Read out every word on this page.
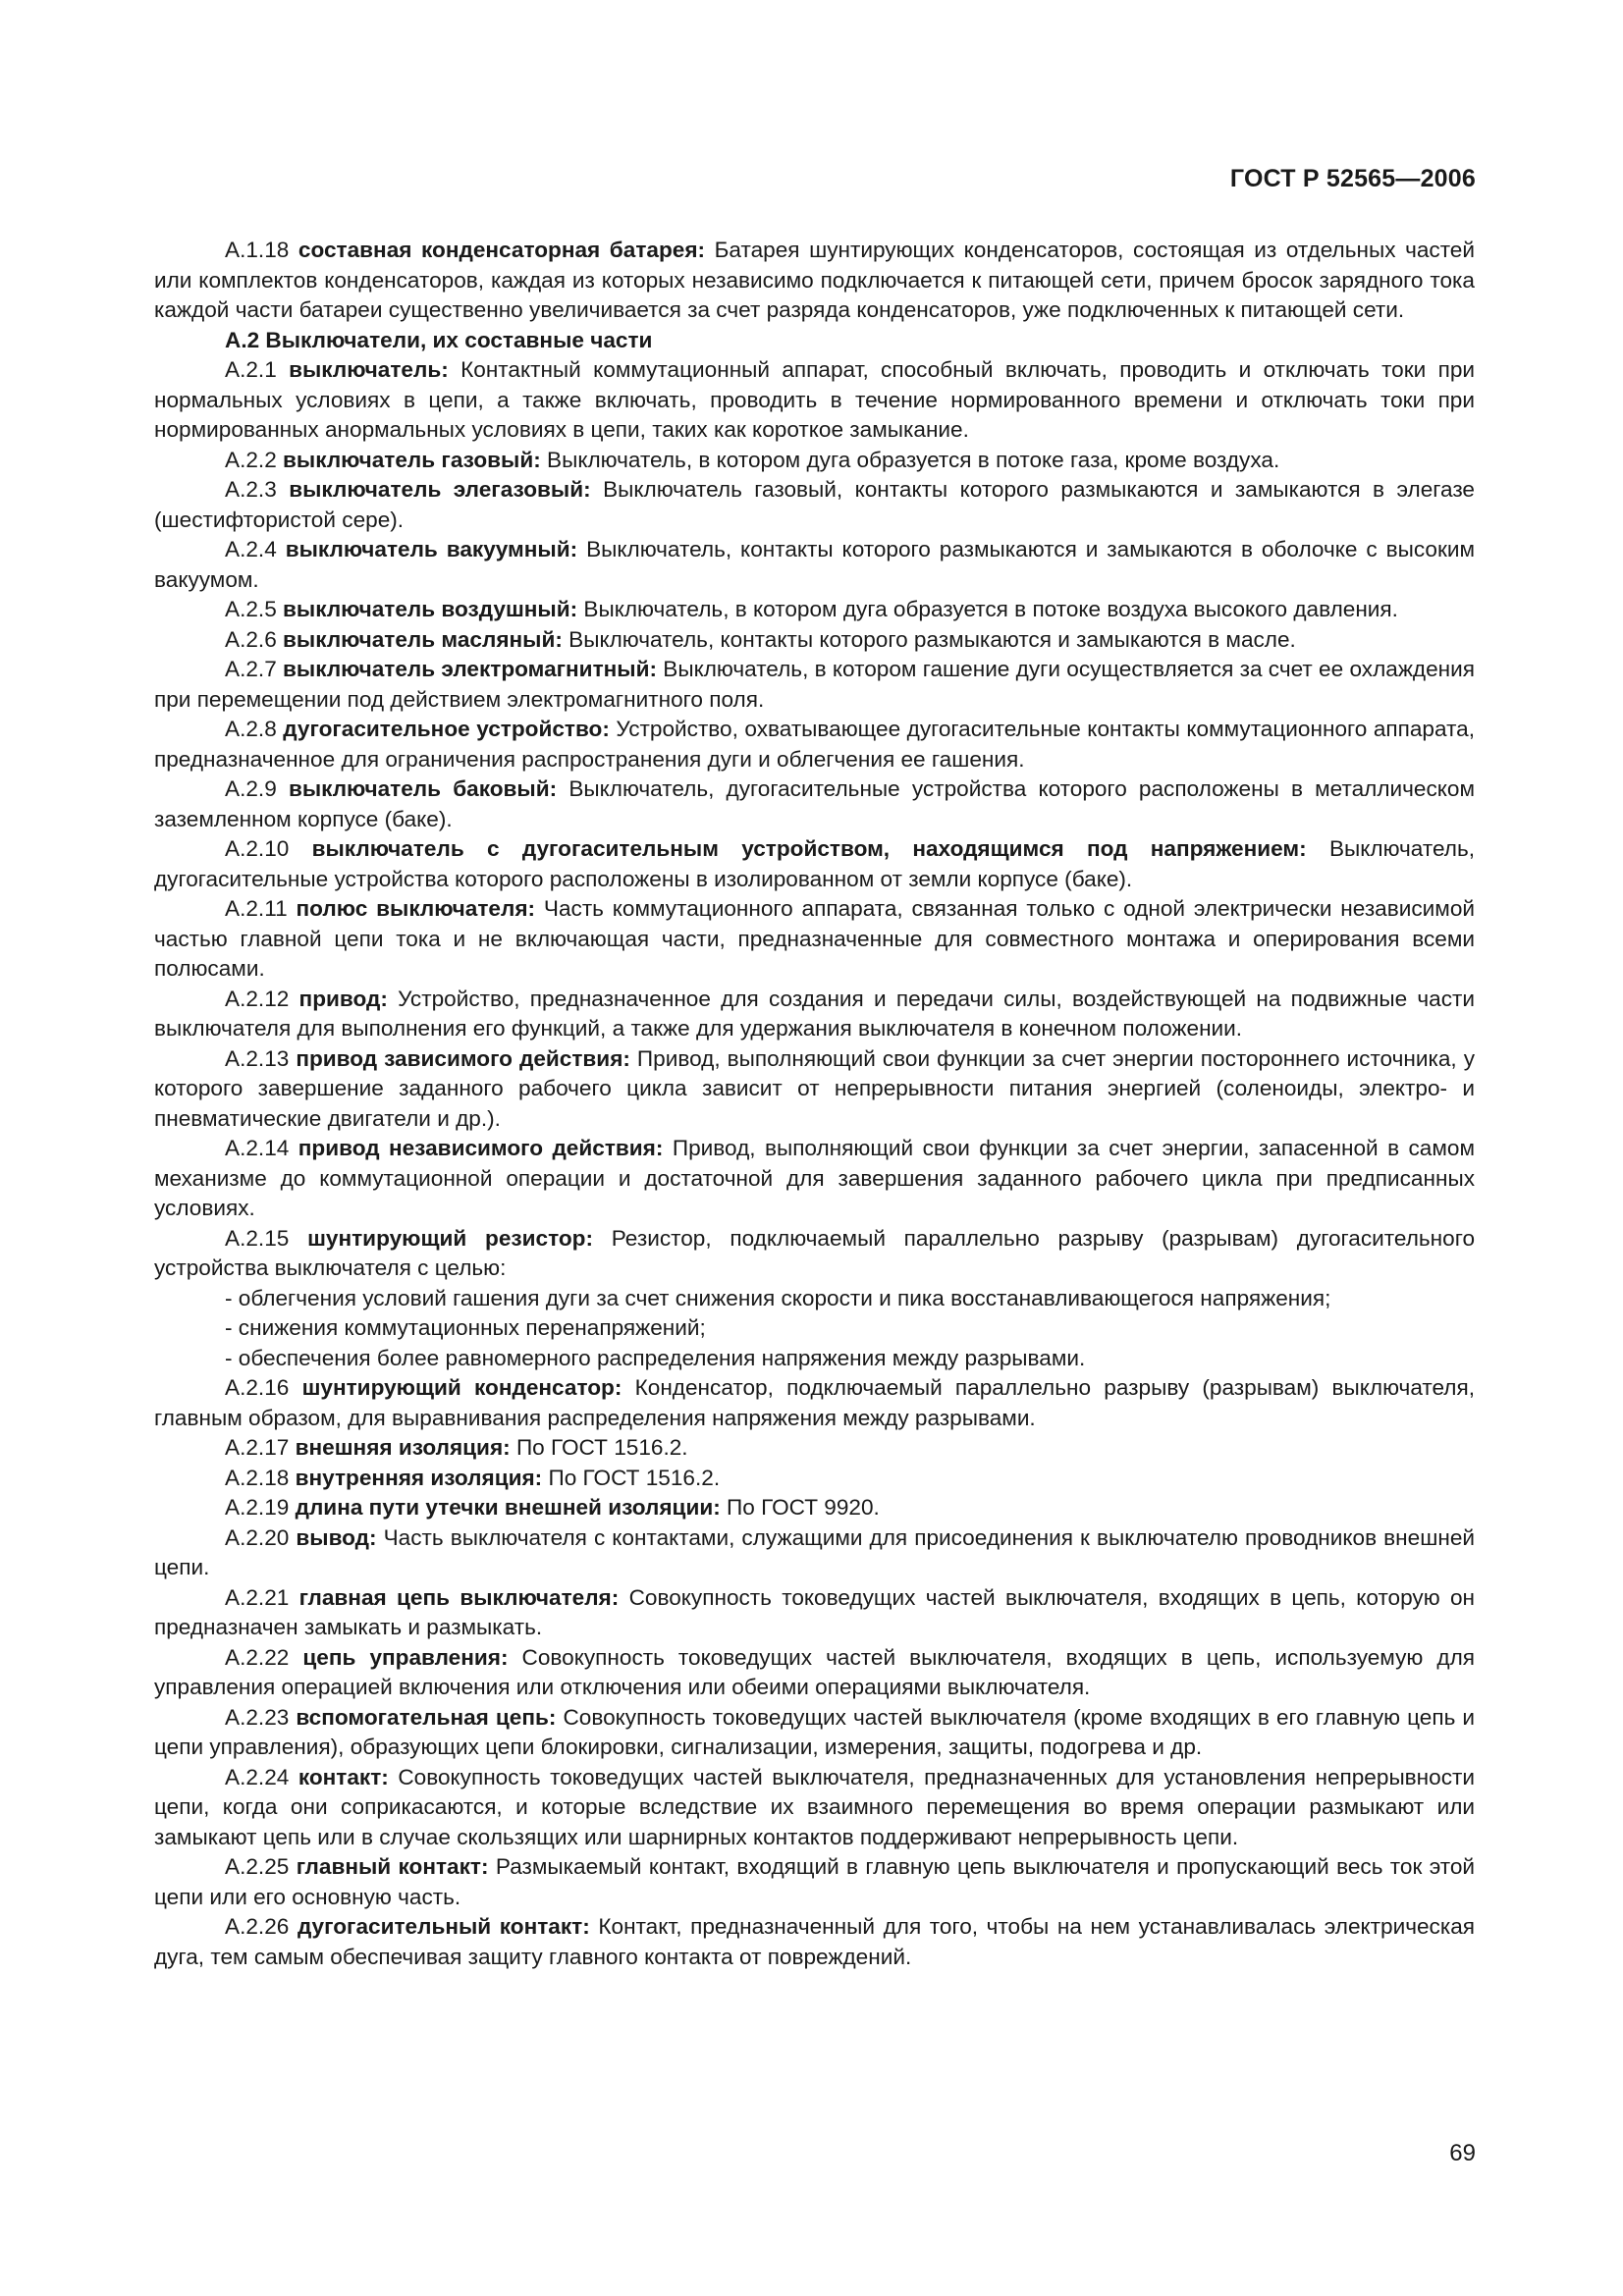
ГОСТ Р 52565—2006

А.1.18 составная конденсаторная батарея: Батарея шунтирующих конденсаторов, состоящая из отдельных частей или комплектов конденсаторов, каждая из которых независимо подключается к питающей сети, причем бросок зарядного тока каждой части батареи существенно увеличивается за счет разряда конденсаторов, уже подключенных к питающей сети.

А.2 Выключатели, их составные части

А.2.1 выключатель: Контактный коммутационный аппарат, способный включать, проводить и отключать токи при нормальных условиях в цепи, а также включать, проводить в течение нормированного времени и отключать токи при нормированных анормальных условиях в цепи, таких как короткое замыкание.

А.2.2 выключатель газовый: Выключатель, в котором дуга образуется в потоке газа, кроме воздуха.

А.2.3 выключатель элегазовый: Выключатель газовый, контакты которого размыкаются и замыкаются в элегазе (шестифтористой сере).

А.2.4 выключатель вакуумный: Выключатель, контакты которого размыкаются и замыкаются в оболочке с высоким вакуумом.

А.2.5 выключатель воздушный: Выключатель, в котором дуга образуется в потоке воздуха высокого давления.

А.2.6 выключатель масляный: Выключатель, контакты которого размыкаются и замыкаются в масле.

А.2.7 выключатель электромагнитный: Выключатель, в котором гашение дуги осуществляется за счет ее охлаждения при перемещении под действием электромагнитного поля.

А.2.8 дугогасительное устройство: Устройство, охватывающее дугогасительные контакты коммутационного аппарата, предназначенное для ограничения распространения дуги и облегчения ее гашения.

А.2.9 выключатель баковый: Выключатель, дугогасительные устройства которого расположены в металлическом заземленном корпусе (баке).

А.2.10 выключатель с дугогасительным устройством, находящимся под напряжением: Выключатель, дугогасительные устройства которого расположены в изолированном от земли корпусе (баке).

А.2.11 полюс выключателя: Часть коммутационного аппарата, связанная только с одной электрически независимой частью главной цепи тока и не включающая части, предназначенные для совместного монтажа и оперирования всеми полюсами.

А.2.12 привод: Устройство, предназначенное для создания и передачи силы, воздействующей на подвижные части выключателя для выполнения его функций, а также для удержания выключателя в конечном положении.

А.2.13 привод зависимого действия: Привод, выполняющий свои функции за счет энергии постороннего источника, у которого завершение заданного рабочего цикла зависит от непрерывности питания энергией (соленоиды, электро- и пневматические двигатели и др.).

А.2.14 привод независимого действия: Привод, выполняющий свои функции за счет энергии, запасенной в самом механизме до коммутационной операции и достаточной для завершения заданного рабочего цикла при предписанных условиях.

А.2.15 шунтирующий резистор: Резистор, подключаемый параллельно разрыву (разрывам) дугогасительного устройства выключателя с целью:

- облегчения условий гашения дуги за счет снижения скорости и пика восстанавливающегося напряжения;

- снижения коммутационных перенапряжений;

- обеспечения более равномерного распределения напряжения между разрывами.

А.2.16 шунтирующий конденсатор: Конденсатор, подключаемый параллельно разрыву (разрывам) выключателя, главным образом, для выравнивания распределения напряжения между разрывами.

А.2.17 внешняя изоляция: По ГОСТ 1516.2.

А.2.18 внутренняя изоляция: По ГОСТ 1516.2.

А.2.19 длина пути утечки внешней изоляции: По ГОСТ 9920.

А.2.20 вывод: Часть выключателя с контактами, служащими для присоединения к выключателю проводников внешней цепи.

А.2.21 главная цепь выключателя: Совокупность токоведущих частей выключателя, входящих в цепь, которую он предназначен замыкать и размыкать.

А.2.22 цепь управления: Совокупность токоведущих частей выключателя, входящих в цепь, используемую для управления операцией включения или отключения или обеими операциями выключателя.

А.2.23 вспомогательная цепь: Совокупность токоведущих частей выключателя (кроме входящих в его главную цепь и цепи управления), образующих цепи блокировки, сигнализации, измерения, защиты, подогрева и др.

А.2.24 контакт: Совокупность токоведущих частей выключателя, предназначенных для установления непрерывности цепи, когда они соприкасаются, и которые вследствие их взаимного перемещения во время операции размыкают или замыкают цепь или в случае скользящих или шарнирных контактов поддерживают непрерывность цепи.

А.2.25 главный контакт: Размыкаемый контакт, входящий в главную цепь выключателя и пропускающий весь ток этой цепи или его основную часть.

А.2.26 дугогасительный контакт: Контакт, предназначенный для того, чтобы на нем устанавливалась электрическая дуга, тем самым обеспечивая защиту главного контакта от повреждений.

69
